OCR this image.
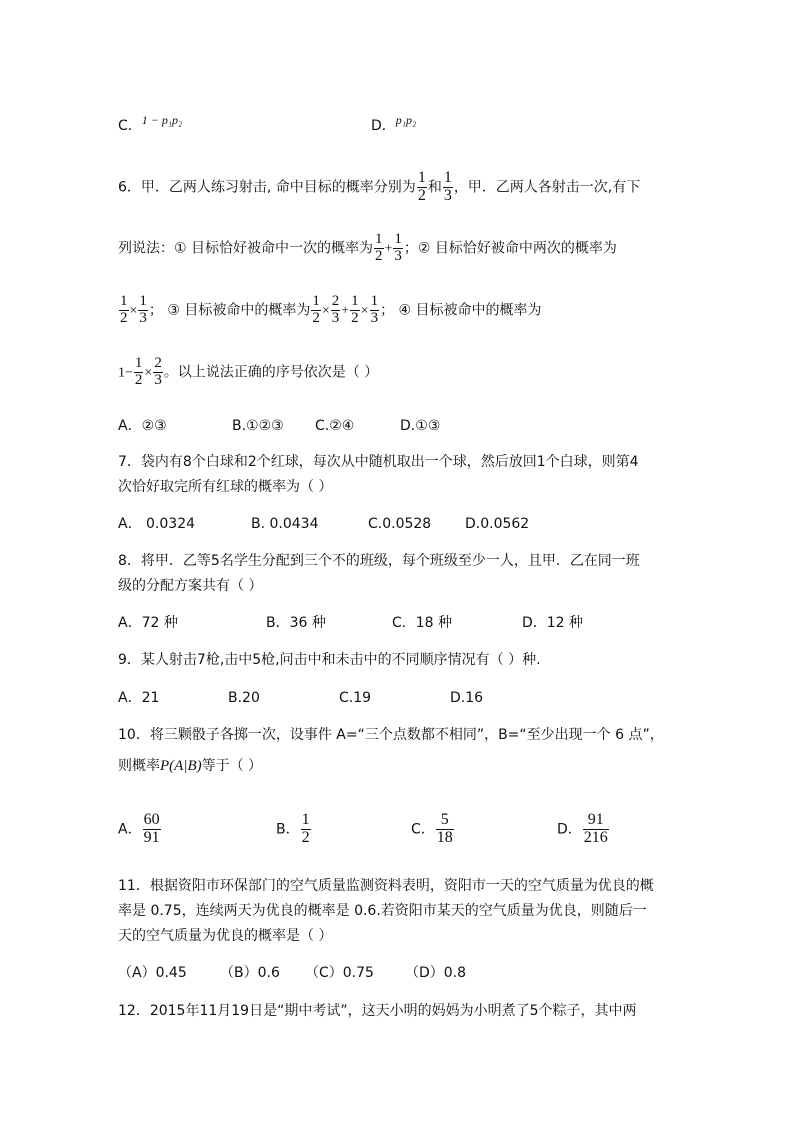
C．1 − p₁p₂	D．p₁p₂
6．甲．乙两人练习射击, 命中目标的概率分别为 $\frac{1}{2}$ 和 $\frac{1}{3}$ ，甲．乙两人各射击一次,有下
列说法：① 目标恰好被命中一次的概率为 $\frac{1}{2} + \frac{1}{3}$ ；② 目标恰好被命中两次的概率为
$\frac{1}{2} \times \frac{1}{3}$ ； ③ 目标被命中的概率为 $\frac{1}{2} \times \frac{2}{3} + \frac{1}{2} \times \frac{1}{3}$ ； ④ 目标被命中的概率为
$1- \frac{1}{2} \times \frac{2}{3}$ 。以上说法正确的序号依次是（ ）
A．②③	B.①②③ C.②④	D.①③
7．袋内有8个白球和2个红球，每次从中随机取出一个球，然后放回1个白球，则第4
次恰好取完所有红球的概率为（ ）
A． 0.0324	B. 0.0434	C.0.0528 D.0.0562
8．将甲．乙等5名学生分配到三个不的班级，每个班级至少一人，且甲．乙在同一班
级的分配方案共有（ ）
A．72 种	B．36 种	C．18 种	D．12 种
9．某人射击7枪,击中5枪,问击中和未击中的不同顺序情况有（ ）种.
A．21	B.20	C.19	D.16
10．将三颗骰子各掷一次，设事件 A=“三个点数都不相同”，B=“至少出现一个 6 点”，
则概率P(A|B)等于（ ）
A． $\frac{60}{91}$	B． $\frac{1}{2}$	C． $\frac{5}{18}$	D． $\frac{91}{216}$
11．根据资阳市环保部门的空气质量监测资料表明，资阳市一天的空气质量为优良的概
率是 0.75，连续两天为优良的概率是 0.6.若资阳市某天的空气质量为优良，则随后一
天的空气质量为优良的概率是（ ）
（A）0.45 （B）0.6 （C）0.75 （D）0.8
12．2015年11月19日是“期中考试”，这天小明的妈妈为小明煮了5个粽子，其中两
